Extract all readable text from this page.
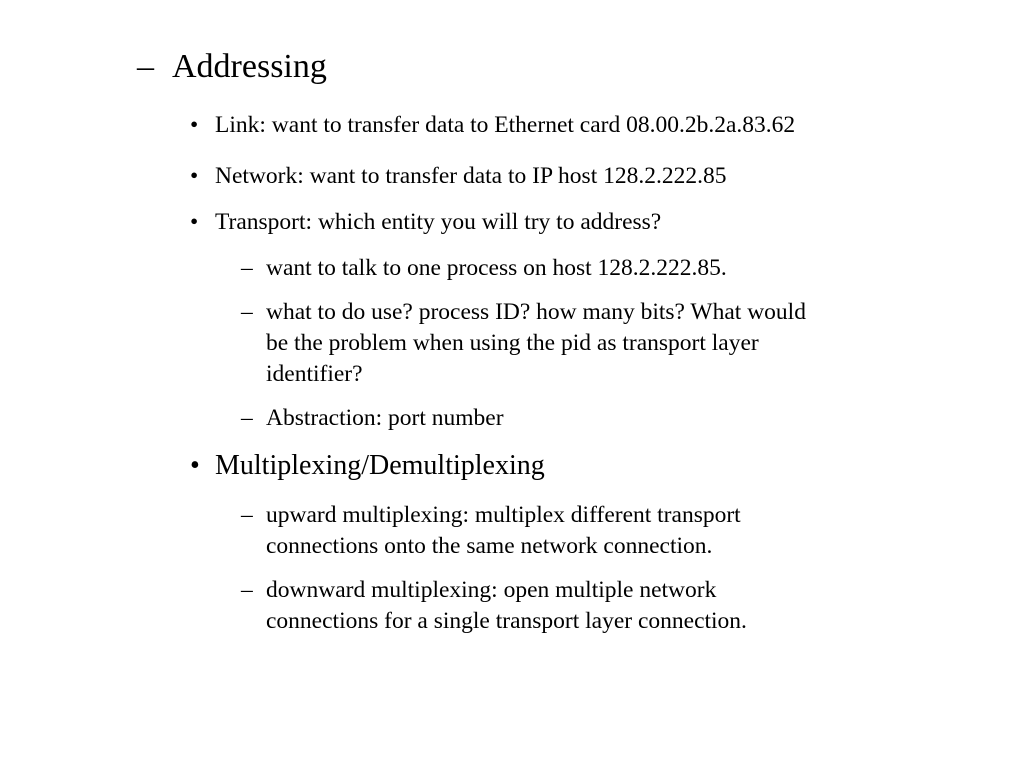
– Addressing
• Link: want to transfer data to Ethernet card 08.00.2b.2a.83.62
• Network: want to transfer data to IP host 128.2.222.85
• Transport: which entity you will try to address?
– want to talk to one process on host 128.2.222.85.
– what to do use? process ID? how many bits? What would
be the problem when using the pid as transport layer
identifier?
– Abstraction: port number
• Multiplexing/Demultiplexing
– upward multiplexing: multiplex different transport
connections onto the same network connection.
– downward multiplexing: open multiple network
connections for a single transport layer connection.
